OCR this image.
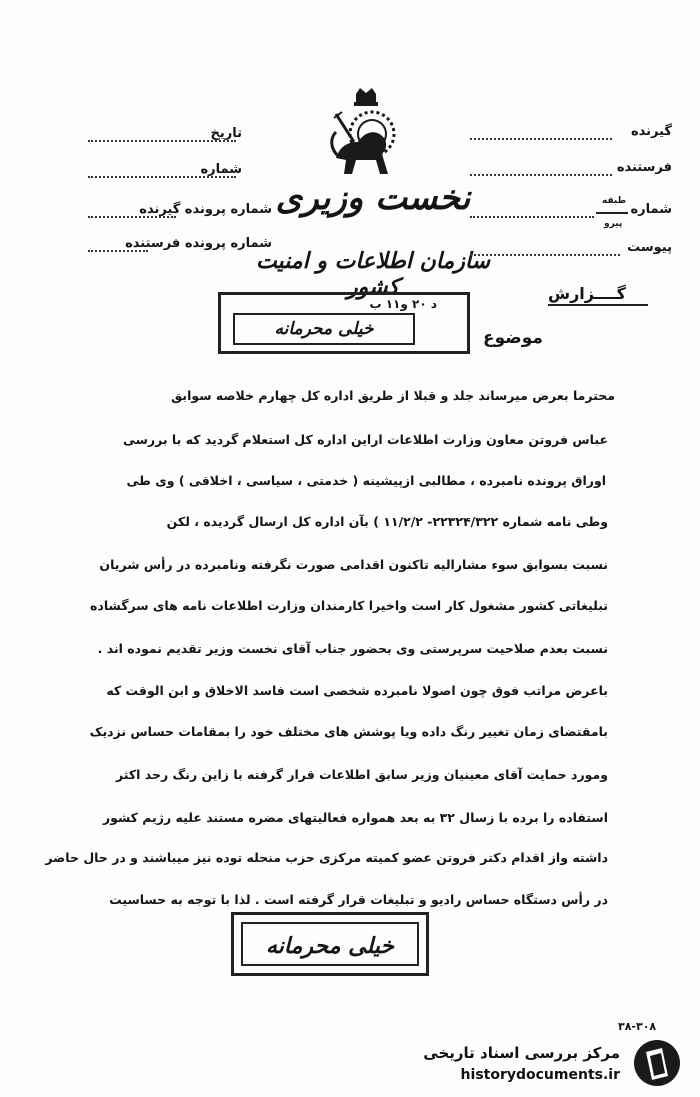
نخست وزیری
سازمان اطلاعات و امنیت کشور
تاریخ
شماره
شماره پرونده گیرنده
شماره پرونده فرستنده
گیرنده
فرستنده
شماره
طبقه
پیرو
پیوست
گــــزارش
موضوع
د ۲۰ و۱۱ ب
خیلی محرمانه
محترما بعرض میرساند جلد و قبلا از طریق اداره کل چهارم خلاصه سوابق
عباس فروتن معاون وزارت اطلاعات اراین اداره کل استعلام گردید که با بررسی
اوراق پرونده نامبرده ، مطالبی ازپیشینه ( خدمتی ، سیاسی ، اخلاقی ) وی طی
وطی نامه شماره ۲۲۳۲۴/۳۲۲- ۱۱/۲/۲ ) بآن اداره کل ارسال گردیده ، لکن
نسبت بسوابق سوء مشارالیه تاکنون اقدامی صورت نگرفته ونامبرده در رأس شریان
تبلیغاتی کشور مشغول کار است واخیرا کارمندان وزارت اطلاعات نامه های سرگشاده
نسبت بعدم صلاحیت سرپرستی وی بحضور جناب آقای نخست وزیر تقدیم نموده اند .
باعرض مراتب فوق چون اصولا نامبرده شخصی است فاسد الاخلاق و ابن الوقت که
بامقتضای زمان تغییر رنگ داده ویا پوشش های مختلف خود را بمقامات حساس نزدیک
ومورد حمایت آقای معینیان وزیر سابق اطلاعات قرار گرفته با زاین رنگ رحد اکثر
استفاده را برده با زسال ۳۲ به بعد همواره فعالیتهای مضره مستند علیه رژیم کشور
داشته واز اقدام دکتر فروتن عضو کمیته مرکزی حزب منحله توده نیز میباشند و در حال حاضر
در رأس دستگاه حساس رادیو و تبلیغات قرار گرفته است . لذا با توجه به حساسیت
خیلی محرمانه
۳۸-۳۰۸
مرکز بررسی اسناد تاریخی
historydocuments.ir
